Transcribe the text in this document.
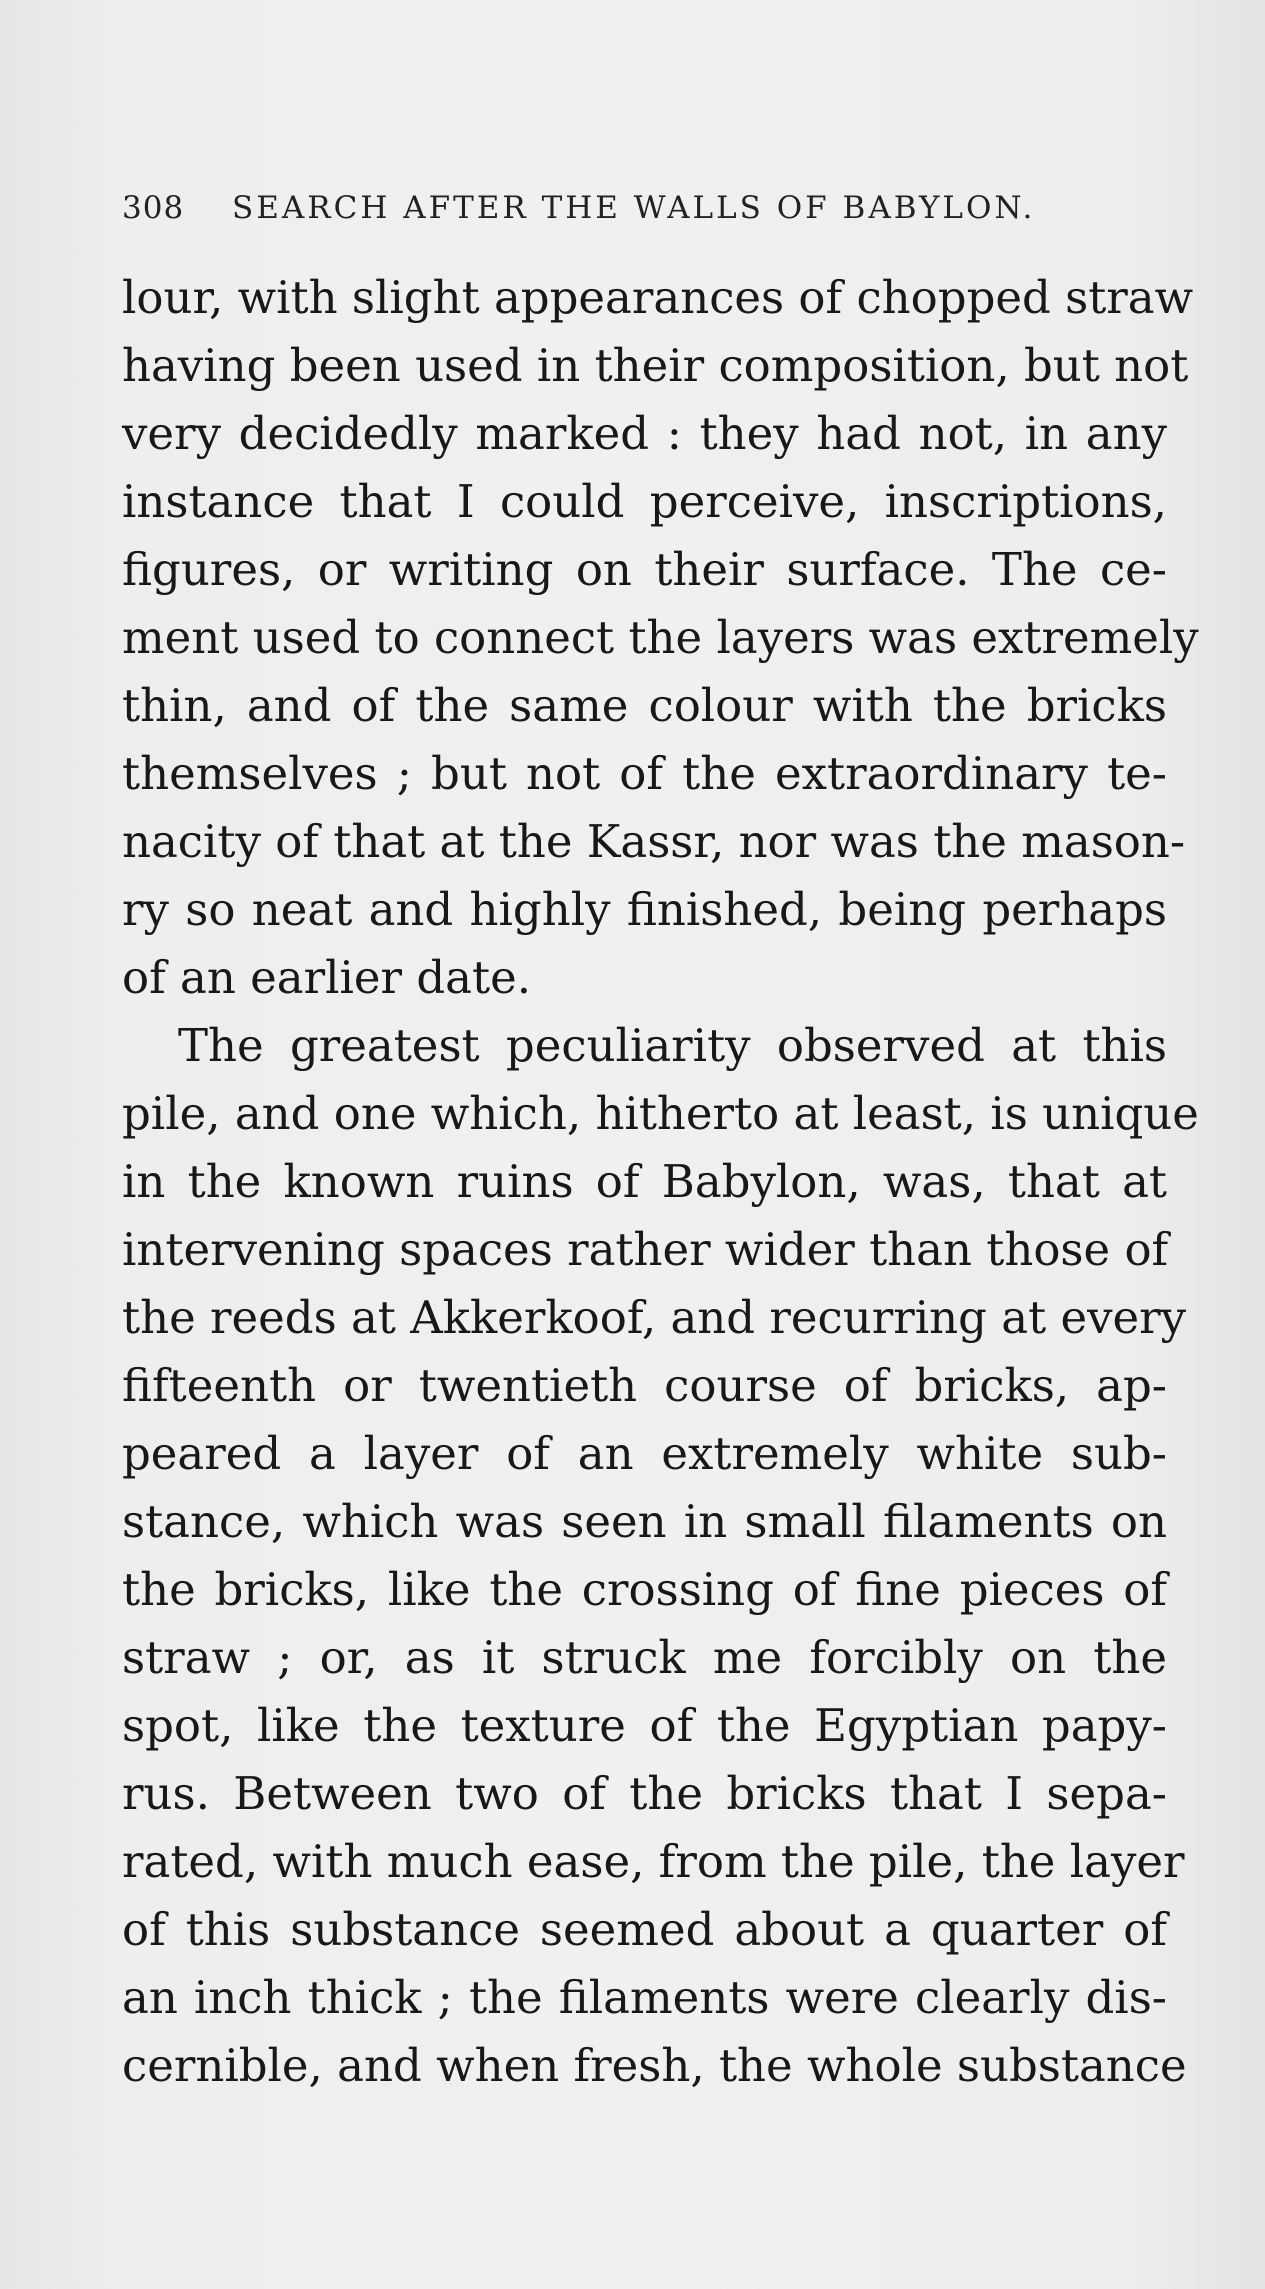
308	SEARCH AFTER THE WALLS OF BABYLON.
lour, with slight appearances of chopped straw
having been used in their composition, but not
very decidedly marked : they had not, in any
instance that I could perceive, inscriptions,
figures, or writing on their surface. The ce-
ment used to connect the layers was extremely
thin, and of the same colour with the bricks
themselves ; but not of the extraordinary te-
nacity of that at the Kassr, nor was the mason-
ry so neat and highly finished, being perhaps
of an earlier date.
The greatest peculiarity observed at this
pile, and one which, hitherto at least, is unique
in the known ruins of Babylon, was, that at
intervening spaces rather wider than those of
the reeds at Akkerkoof, and recurring at every
fifteenth or twentieth course of bricks, ap-
peared a layer of an extremely white sub-
stance, which was seen in small filaments on
the bricks, like the crossing of fine pieces of
straw ; or, as it struck me forcibly on the
spot, like the texture of the Egyptian papy-
rus. Between two of the bricks that I sepa-
rated, with much ease, from the pile, the layer
of this substance seemed about a quarter of
an inch thick ; the filaments were clearly dis-
cernible, and when fresh, the whole substance
